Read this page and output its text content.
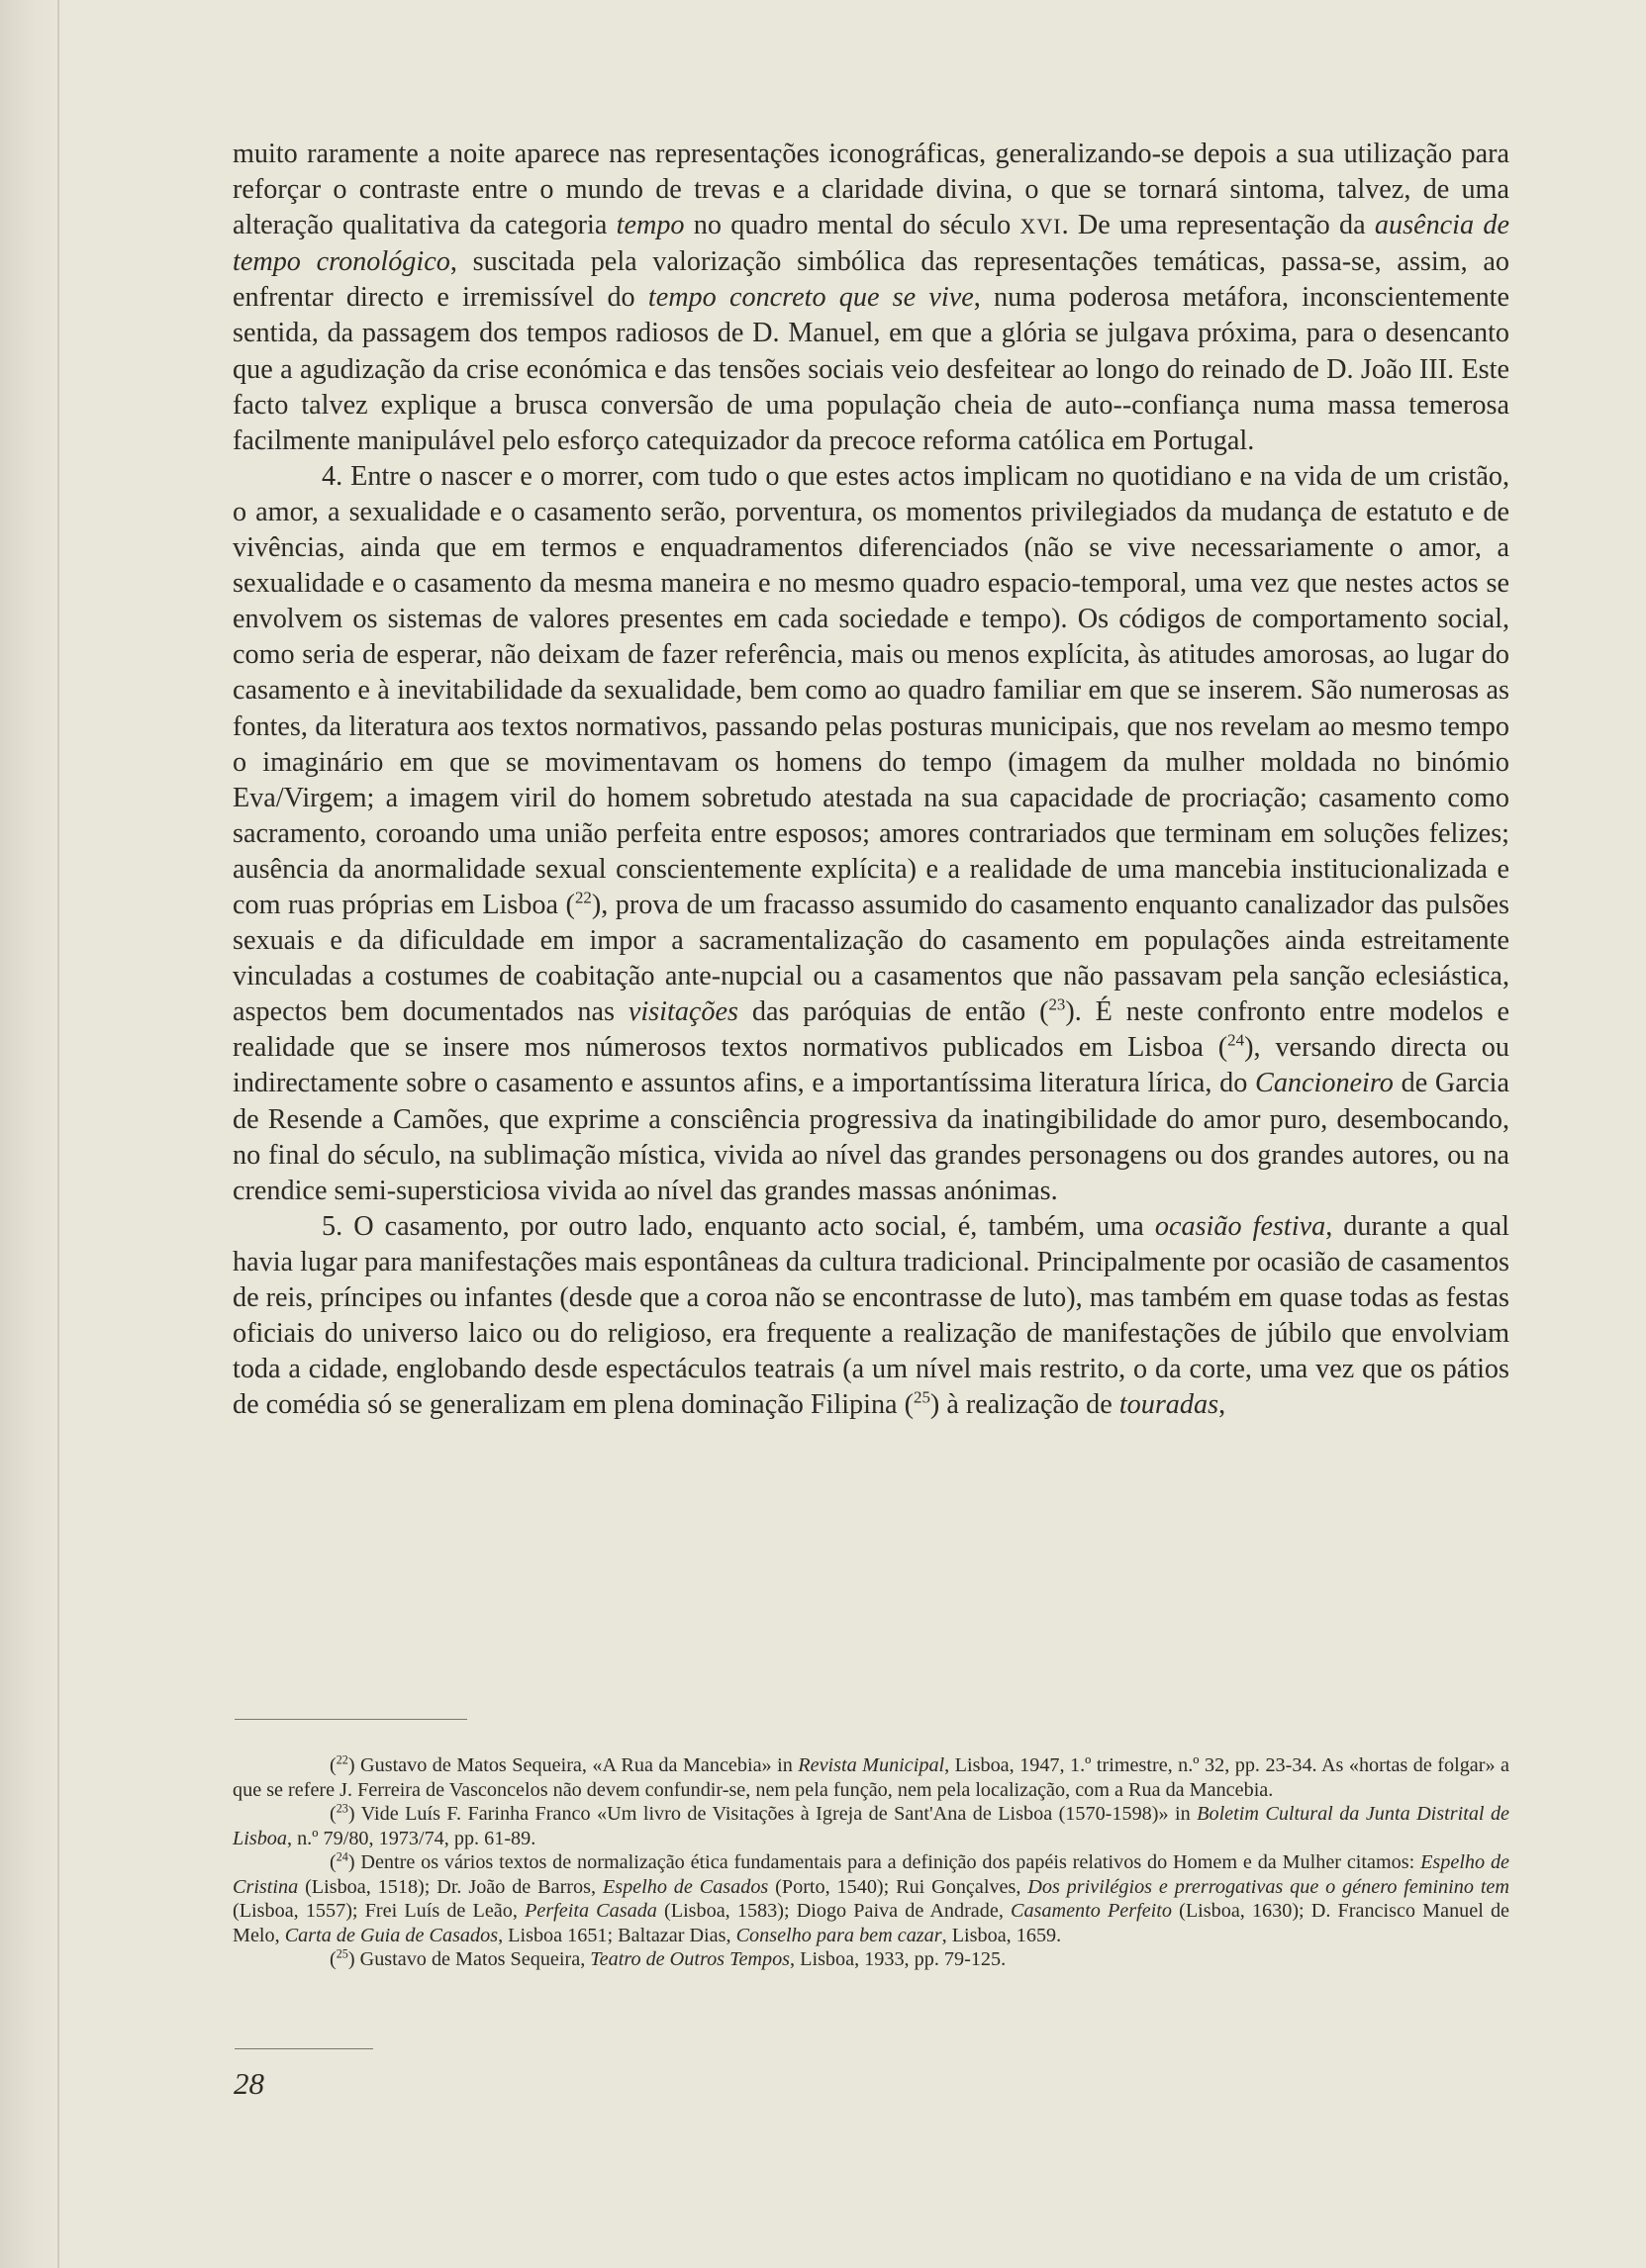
muito raramente a noite aparece nas representações iconográficas, generalizando-se depois a sua utilização para reforçar o contraste entre o mundo de trevas e a claridade divina, o que se tornará sintoma, talvez, de uma alteração qualitativa da categoria tempo no quadro mental do século XVI. De uma representação da ausência de tempo cronológico, suscitada pela valorização simbólica das representações temáticas, passa-se, assim, ao enfrentar directo e irremissível do tempo concreto que se vive, numa poderosa metáfora, inconscientemente sentida, da passagem dos tempos radiosos de D. Manuel, em que a glória se julgava próxima, para o desencanto que a agudização da crise económica e das tensões sociais veio desfeitear ao longo do reinado de D. João III. Este facto talvez explique a brusca conversão de uma população cheia de auto--confiança numa massa temerosa facilmente manipulável pelo esforço catequizador da precoce reforma católica em Portugal.

4. Entre o nascer e o morrer, com tudo o que estes actos implicam no quotidiano e na vida de um cristão, o amor, a sexualidade e o casamento serão, porventura, os momentos privilegiados da mudança de estatuto e de vivências, ainda que em termos e enquadramentos diferenciados (não se vive necessariamente o amor, a sexualidade e o casamento da mesma maneira e no mesmo quadro espacio-temporal, uma vez que nestes actos se envolvem os sistemas de valores presentes em cada sociedade e tempo). Os códigos de comportamento social, como seria de esperar, não deixam de fazer referência, mais ou menos explícita, às atitudes amorosas, ao lugar do casamento e à inevitabilidade da sexualidade, bem como ao quadro familiar em que se inserem. São numerosas as fontes, da literatura aos textos normativos, passando pelas posturas municipais, que nos revelam ao mesmo tempo o imaginário em que se movimentavam os homens do tempo (imagem da mulher moldada no binómio Eva/Virgem; a imagem viril do homem sobretudo atestada na sua capacidade de procriação; casamento como sacramento, coroando uma união perfeita entre esposos; amores contrariados que terminam em soluções felizes; ausência da anormalidade sexual conscientemente explícita) e a realidade de uma mancebia institucionalizada e com ruas próprias em Lisboa ($^{22}$), prova de um fracasso assumido do casamento enquanto canalizador das pulsões sexuais e da dificuldade em impor a sacramentalização do casamento em populações ainda estreitamente vinculadas a costumes de coabitação ante-nupcial ou a casamentos que não passavam pela sanção eclesiástica, aspectos bem documentados nas visitações das paróquias de então ($^{23}$). É neste confronto entre modelos e realidade que se insere mos númerosos textos normativos publicados em Lisboa ($^{24}$), versando directa ou indirectamente sobre o casamento e assuntos afins, e a importantíssima literatura lírica, do Cancioneiro de Garcia de Resende a Camões, que exprime a consciência progressiva da inatingibilidade do amor puro, desembocando, no final do século, na sublimação mística, vivida ao nível das grandes personagens ou dos grandes autores, ou na crendice semi-supersticiosa vivida ao nível das grandes massas anónimas.

5. O casamento, por outro lado, enquanto acto social, é, também, uma ocasião festiva, durante a qual havia lugar para manifestações mais espontâneas da cultura tradicional. Principalmente por ocasião de casamentos de reis, príncipes ou infantes (desde que a coroa não se encontrasse de luto), mas também em quase todas as festas oficiais do universo laico ou do religioso, era frequente a realização de manifestações de júbilo que envolviam toda a cidade, englobando desde espectáculos teatrais (a um nível mais restrito, o da corte, uma vez que os pátios de comédia só se generalizam em plena dominação Filipina ($^{25}$) à realização de touradas,

($^{22}$) Gustavo de Matos Sequeira, «A Rua da Mancebia» in Revista Municipal, Lisboa, 1947, 1.º trimestre, n.º 32, pp. 23-34. As «hortas de folgar» a que se refere J. Ferreira de Vasconcelos não devem confundir-se, nem pela função, nem pela localização, com a Rua da Mancebia.

($^{23}$) Vide Luís F. Farinha Franco «Um livro de Visitações à Igreja de Sant'Ana de Lisboa (1570-1598)» in Boletim Cultural da Junta Distrital de Lisboa, n.º 79/80, 1973/74, pp. 61-89.

($^{24}$) Dentre os vários textos de normalização ética fundamentais para a definição dos papéis relativos do Homem e da Mulher citamos: Espelho de Cristina (Lisboa, 1518); Dr. João de Barros, Espelho de Casados (Porto, 1540); Rui Gonçalves, Dos privilégios e prerrogativas que o género feminino tem (Lisboa, 1557); Frei Luís de Leão, Perfeita Casada (Lisboa, 1583); Diogo Paiva de Andrade, Casamento Perfeito (Lisboa, 1630); D. Francisco Manuel de Melo, Carta de Guia de Casados, Lisboa 1651; Baltazar Dias, Conselho para bem cazar, Lisboa, 1659.

($^{25}$) Gustavo de Matos Sequeira, Teatro de Outros Tempos, Lisboa, 1933, pp. 79-125.

28
